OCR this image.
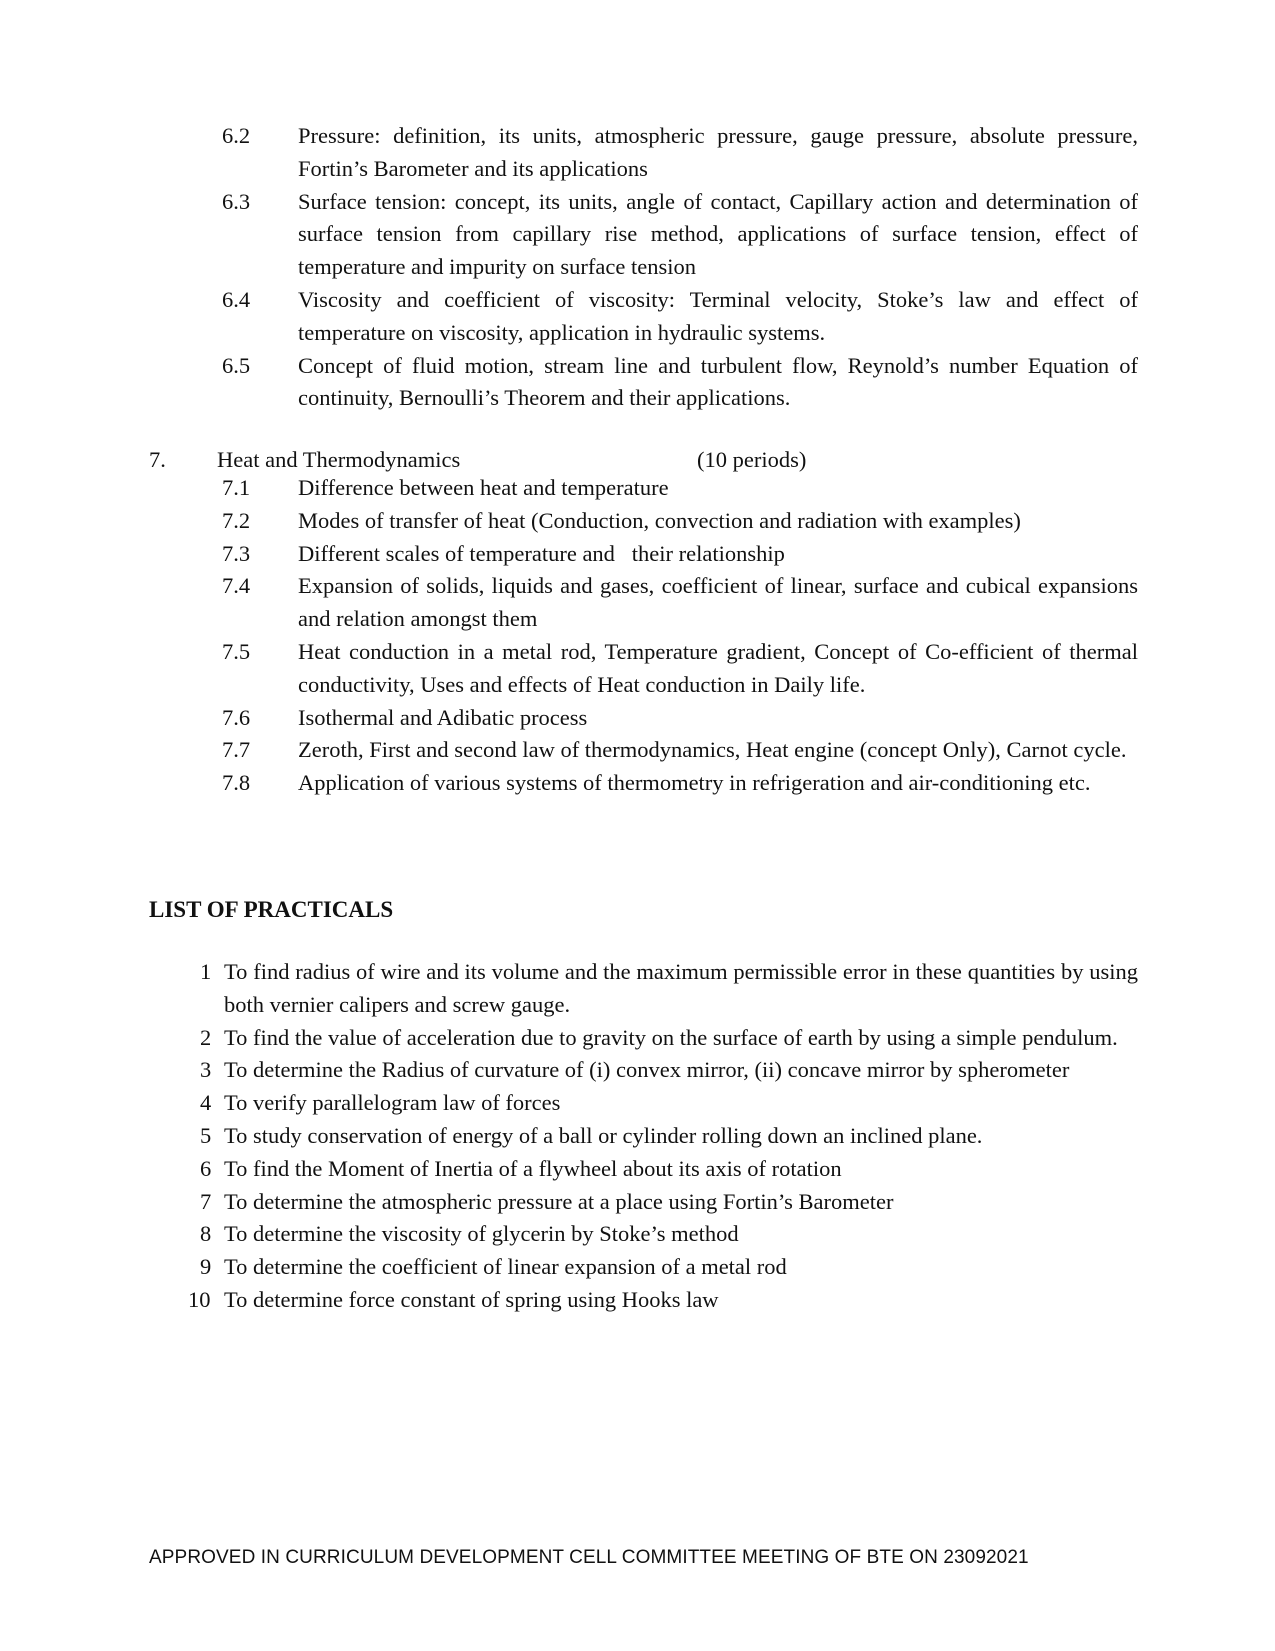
6.2	Pressure: definition, its units, atmospheric pressure, gauge pressure, absolute pressure, Fortin’s Barometer and its applications
6.3	Surface tension: concept, its units, angle of contact, Capillary action and determination of surface tension from capillary rise method, applications of surface tension, effect of temperature and impurity on surface tension
6.4	Viscosity and coefficient of viscosity: Terminal velocity, Stoke’s law and effect of temperature on viscosity, application in hydraulic systems.
6.5	Concept of fluid motion, stream line and turbulent flow, Reynold’s number Equation of continuity, Bernoulli’s Theorem and their applications.
7. Heat and Thermodynamics	(10 periods)
7.1	Difference between heat and temperature
7.2	Modes of transfer of heat (Conduction, convection and radiation with examples)
7.3	Different scales of temperature and   their relationship
7.4	Expansion of solids, liquids and gases, coefficient of linear, surface and cubical expansions and relation amongst them
7.5	Heat conduction in a metal rod, Temperature gradient, Concept of Co-efficient of thermal conductivity, Uses and effects of Heat conduction in Daily life.
7.6	Isothermal and Adibatic process
7.7	Zeroth, First and second law of thermodynamics, Heat engine (concept Only), Carnot cycle.
7.8	Application of various systems of thermometry in refrigeration and air-conditioning etc.
LIST OF PRACTICALS
1 To find radius of wire and its volume and the maximum permissible error in these quantities by using both vernier calipers and screw gauge.
2 To find the value of acceleration due to gravity on the surface of earth by using a simple pendulum.
3 To determine the Radius of curvature of (i) convex mirror, (ii) concave mirror by spherometer
4 To verify parallelogram law of forces
5 To study conservation of energy of a ball or cylinder rolling down an inclined plane.
6 To find the Moment of Inertia of a flywheel about its axis of rotation
7 To determine the atmospheric pressure at a place using Fortin’s Barometer
8 To determine the viscosity of glycerin by Stoke’s method
9 To determine the coefficient of linear expansion of a metal rod
10 To determine force constant of spring using Hooks law
APPROVED IN CURRICULUM DEVELOPMENT CELL COMMITTEE MEETING OF BTE ON 23092021
